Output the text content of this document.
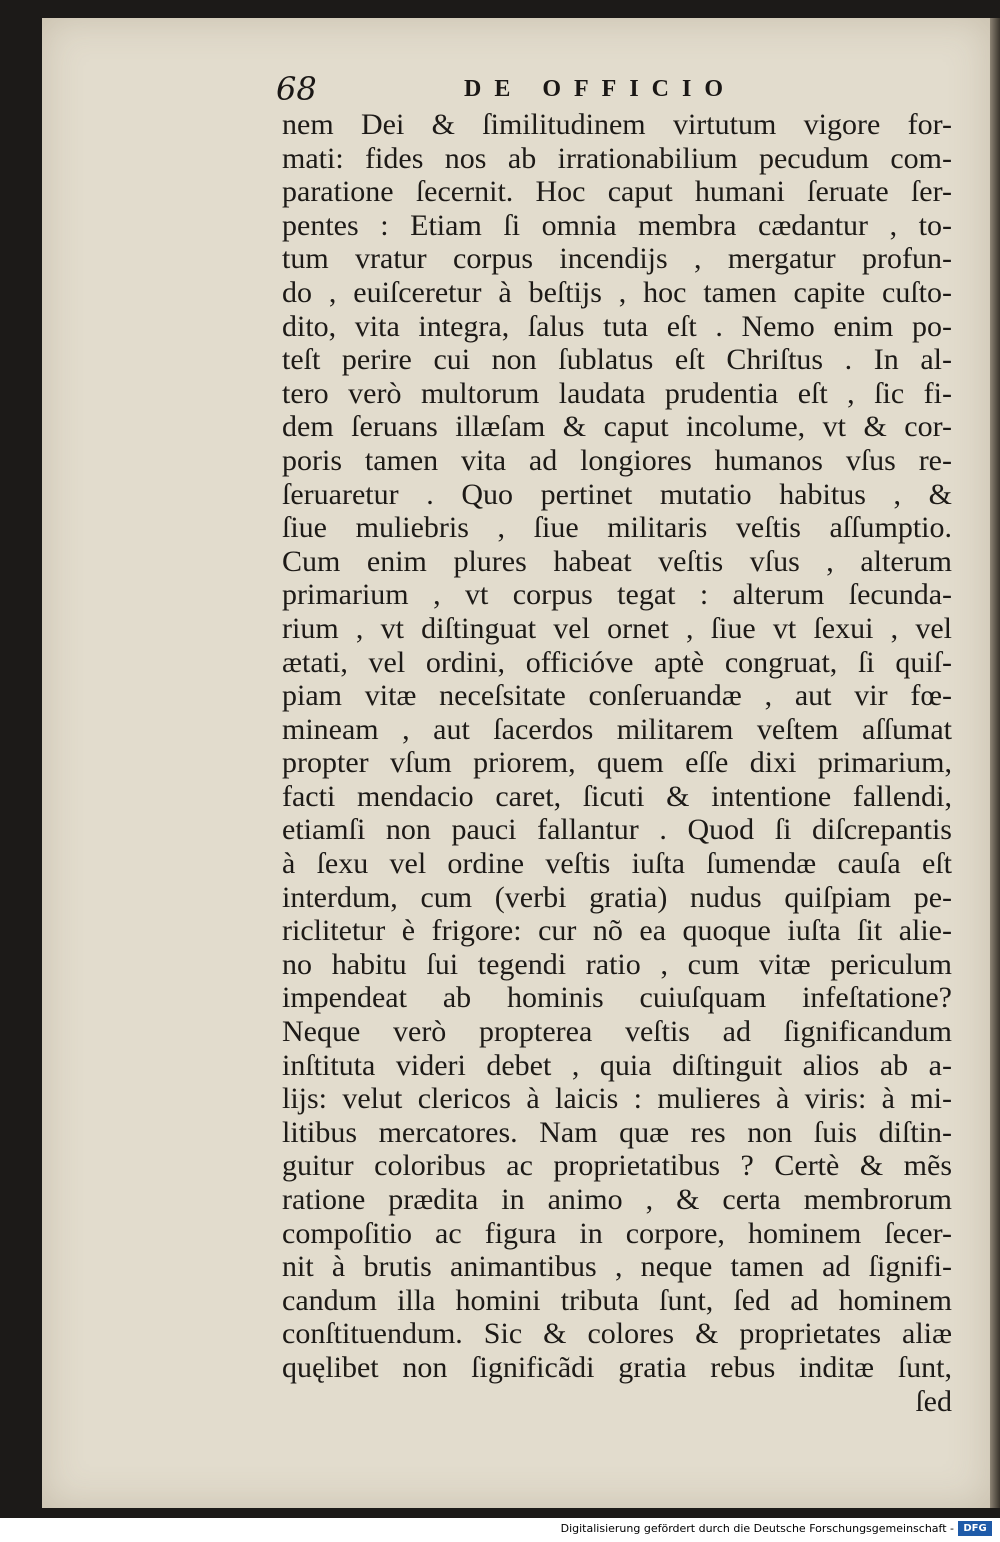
68	DE OFFICIO
nem Dei & ſimilitudinem virtutum vigore for-
mati: fides nos ab irrationabilium pecudum com-
paratione ſecernit. Hoc caput humani ſeruate ſer-
pentes : Etiam ſi omnia membra cædantur , to-
tum vratur corpus incendijs , mergatur profun-
do , euiſceretur à beſtijs , hoc tamen capite cuſto-
dito, vita integra, ſalus tuta eſt . Nemo enim po-
teſt perire cui non ſublatus eſt Chriſtus . In al-
tero verò multorum laudata prudentia eſt , ſic fi-
dem ſeruans illæſam & caput incolume, vt & cor-
poris tamen vita ad longiores humanos vſus re-
ſeruaretur . Quo pertinet mutatio habitus , &
ſiue muliebris , ſiue militaris veſtis aſſumptio.
Cum enim plures habeat veſtis vſus , alterum
primarium , vt corpus tegat : alterum ſecunda-
rium , vt diſtinguat vel ornet , ſiue vt ſexui , vel
ætati, vel ordini, officióve aptè congruat, ſi quiſ-
piam vitæ neceſsitate conſeruandæ , aut vir fœ-
mineam , aut ſacerdos militarem veſtem aſſumat
propter vſum priorem, quem eſſe dixi primarium,
facti mendacio caret, ſicuti & intentione fallendi,
etiamſi non pauci fallantur . Quod ſi diſcrepantis
à ſexu vel ordine veſtis iuſta ſumendæ cauſa eſt
interdum, cum (verbi gratia) nudus quiſpiam pe-
riclitetur è frigore: cur nõ ea quoque iuſta ſit alie-
no habitu ſui tegendi ratio , cum vitæ periculum
impendeat ab hominis cuiuſquam infeſtatione?
Neque verò propterea veſtis ad ſignificandum
inſtituta videri debet , quia diſtinguit alios ab a-
lijs: velut clericos à laicis : mulieres à viris: à mi-
litibus mercatores. Nam quæ res non ſuis diſtin-
guitur coloribus ac proprietatibus ? Certè & mẽs
ratione prædita in animo , & certa membrorum
compoſitio ac figura in corpore, hominem ſecer-
nit à brutis animantibus , neque tamen ad ſignifi-
candum illa homini tributa ſunt, ſed ad hominem
conſtituendum. Sic & colores & proprietates aliæ
quęlibet non ſignificãdi gratia rebus inditæ ſunt,
ſed
Digitalisierung gefördert durch die Deutsche Forschungsgemeinschaft - DFG
